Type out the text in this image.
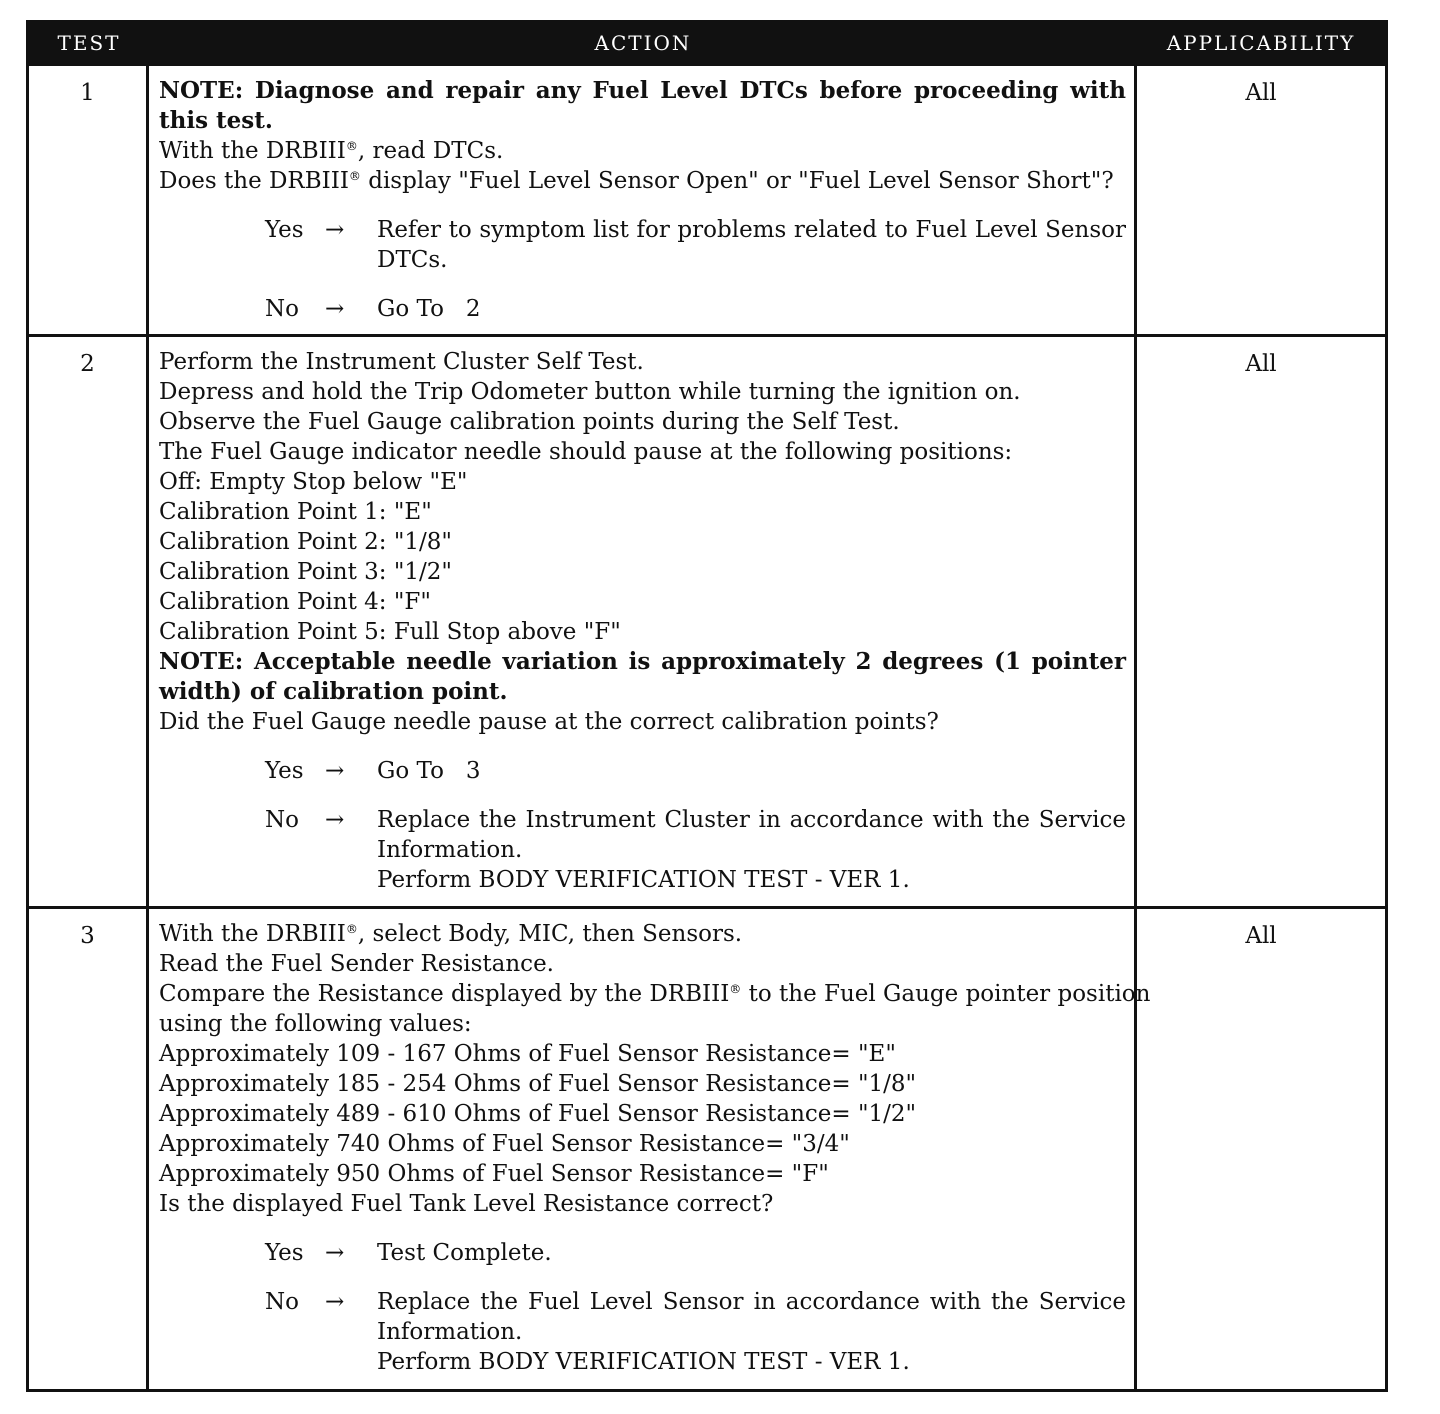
TEST	ACTION	APPLICABILITY
1	NOTE: Diagnose and repair any Fuel Level DTCs before proceeding with this test.
With the DRBIII®, read DTCs.
Does the DRBIII® display "Fuel Level Sensor Open" or "Fuel Level Sensor Short"?
Yes →	Refer to symptom list for problems related to Fuel Level Sensor DTCs.
No	→	Go To   2
All
2	Perform the Instrument Cluster Self Test.
Depress and hold the Trip Odometer button while turning the ignition on.
Observe the Fuel Gauge calibration points during the Self Test.
The Fuel Gauge indicator needle should pause at the following positions:
Off: Empty Stop below "E"
Calibration Point 1: "E"
Calibration Point 2: "1/8"
Calibration Point 3: "1/2"
Calibration Point 4: "F"
Calibration Point 5: Full Stop above "F"
NOTE: Acceptable needle variation is approximately 2 degrees (1 pointer width) of calibration point.
Did the Fuel Gauge needle pause at the correct calibration points?
Yes →	Go To   3
No	→	Replace the Instrument Cluster in accordance with the Service Information.
Perform BODY VERIFICATION TEST - VER 1.
All
3	With the DRBIII®, select Body, MIC, then Sensors.
Read the Fuel Sender Resistance.
Compare the Resistance displayed by the DRBIII® to the Fuel Gauge pointer position
using the following values:
Approximately 109 - 167 Ohms of Fuel Sensor Resistance= "E"
Approximately 185 - 254 Ohms of Fuel Sensor Resistance= "1/8"
Approximately 489 - 610 Ohms of Fuel Sensor Resistance= "1/2"
Approximately 740 Ohms of Fuel Sensor Resistance= "3/4"
Approximately 950 Ohms of Fuel Sensor Resistance= "F"
Is the displayed Fuel Tank Level Resistance correct?
Yes →	Test Complete.
No	→	Replace the Fuel Level Sensor in accordance with the Service Information.
Perform BODY VERIFICATION TEST - VER 1.
All
